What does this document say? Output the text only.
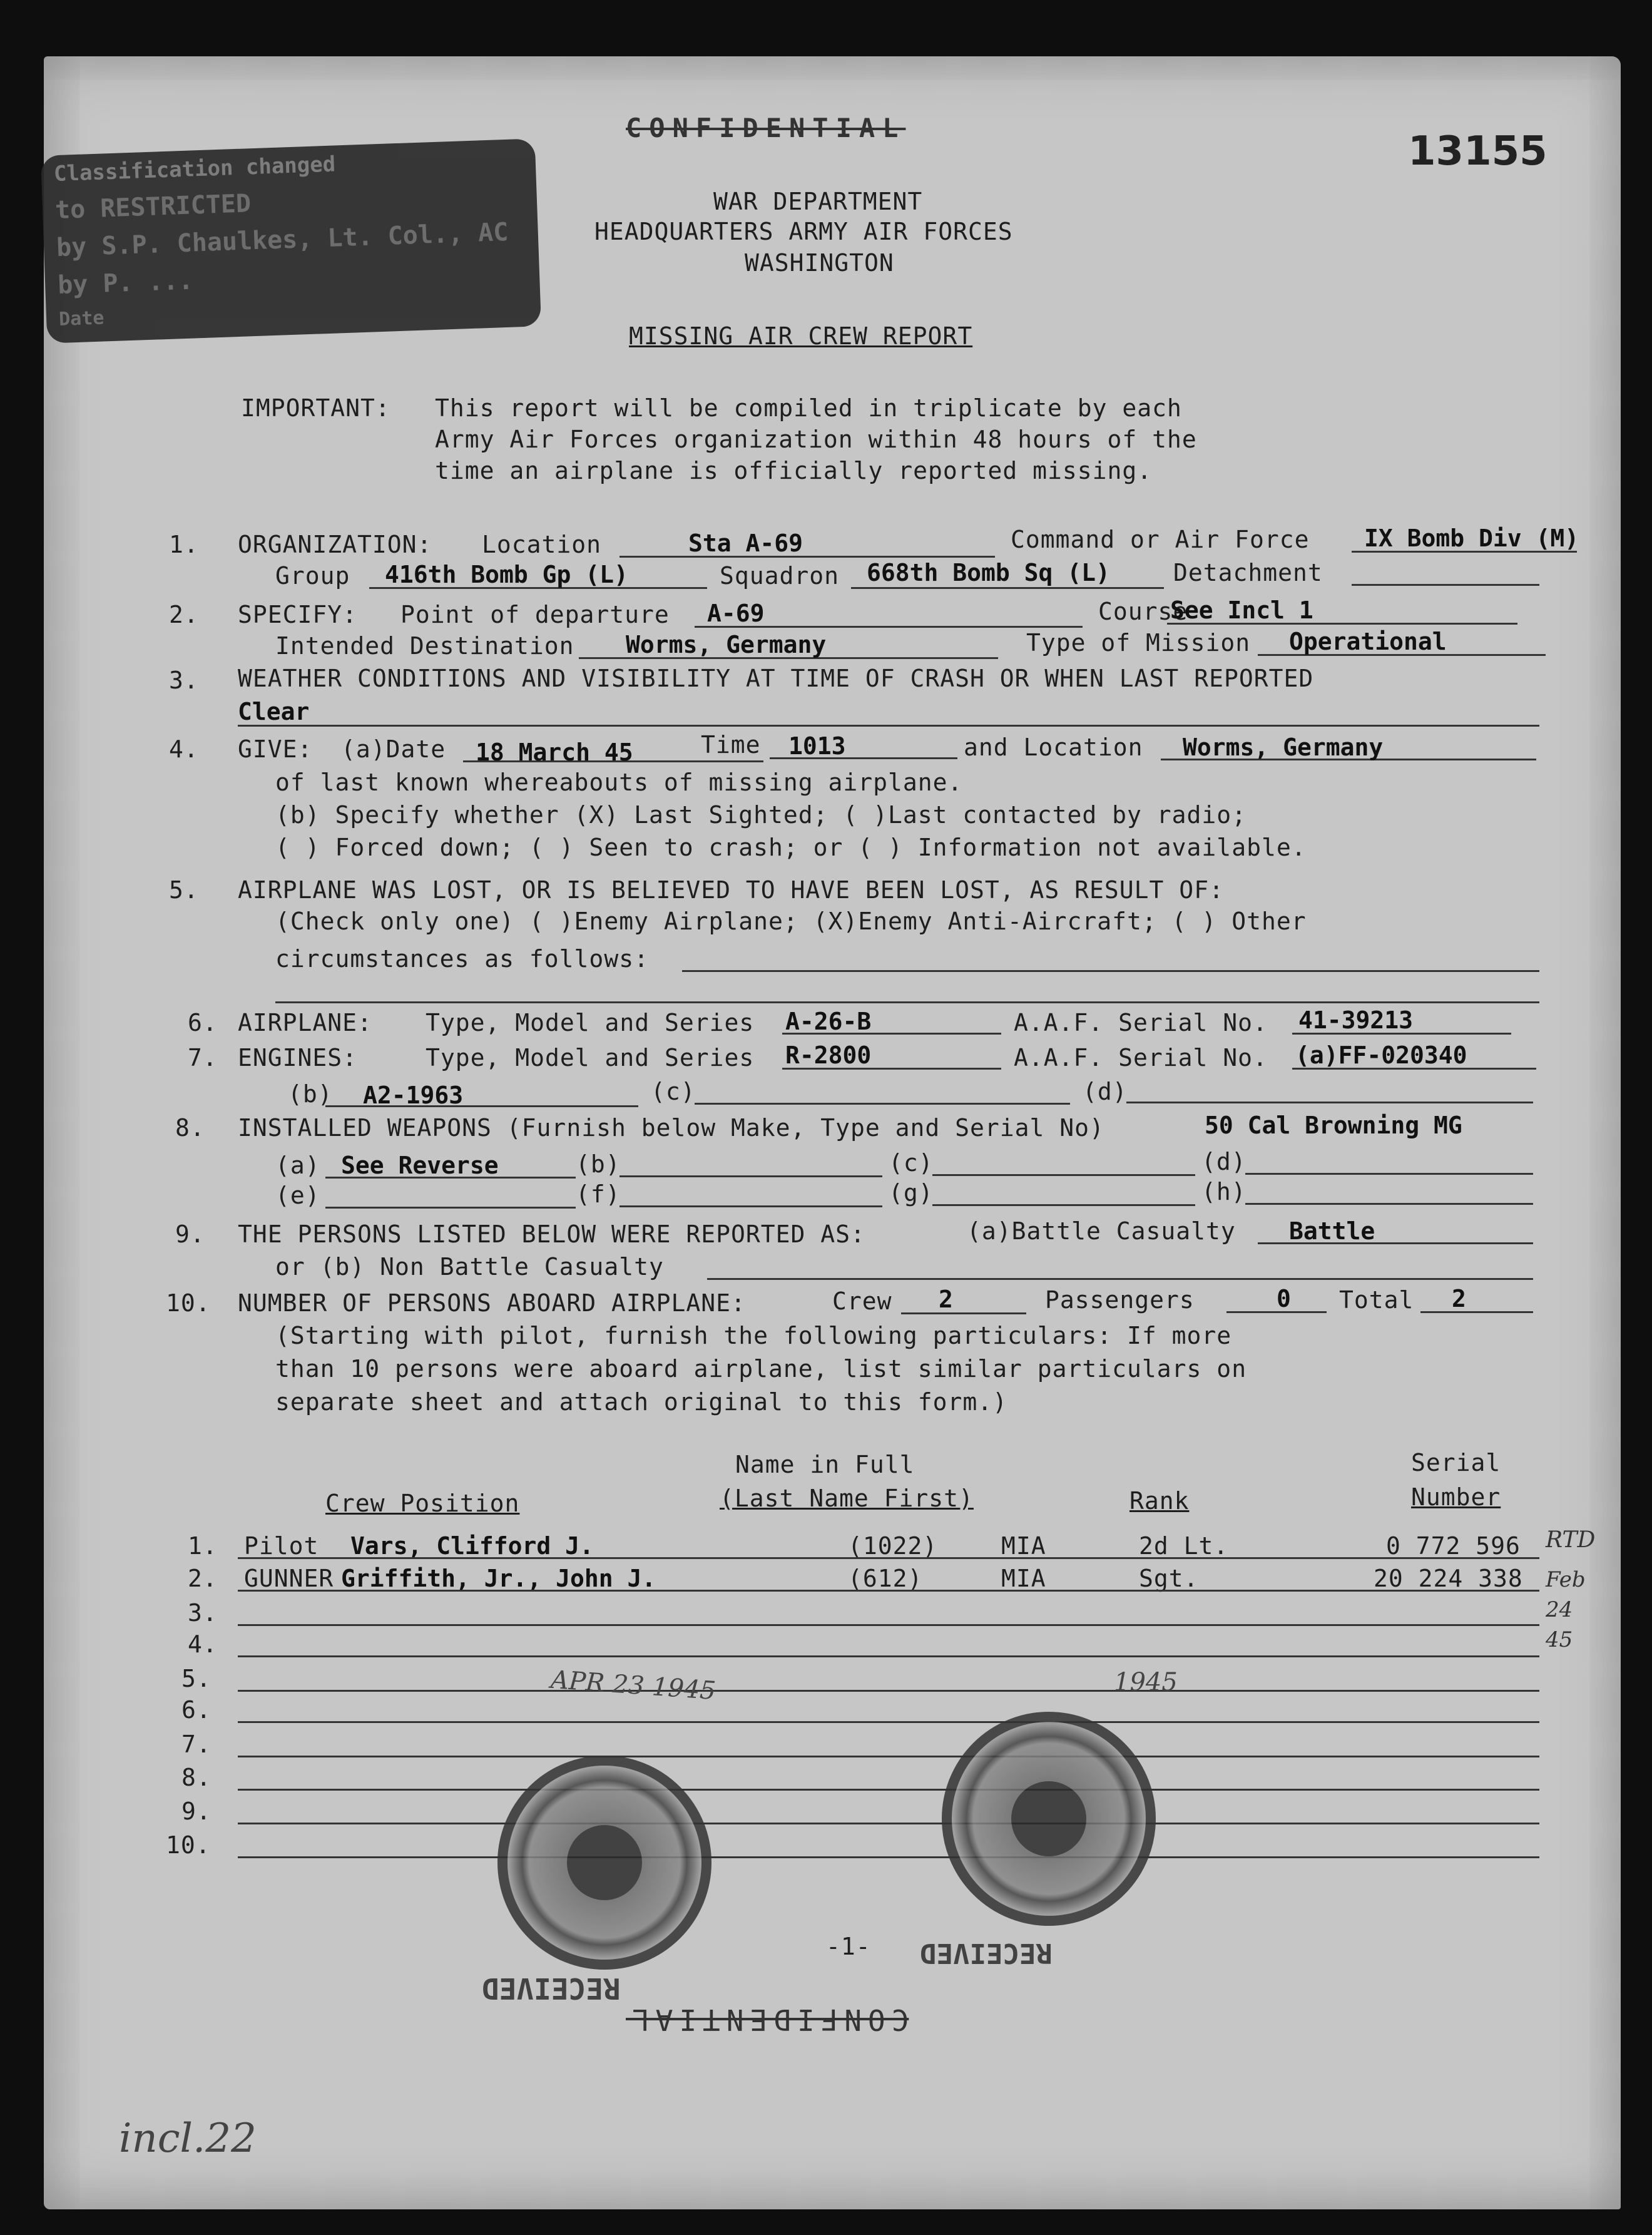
Classification changed
to RESTRICTED
by S.P. Chaulkes, Lt. Col., AC
by P. ...
Date
CONFIDENTIAL
13155
WAR DEPARTMENT
HEADQUARTERS ARMY AIR FORCES
WASHINGTON
MISSING AIR CREW REPORT
IMPORTANT: This report will be compiled in triplicate by each
Army Air Forces organization within 48 hours of the
time an airplane is officially reported missing.
1. ORGANIZATION: Location	Sta A-69	Command or Air Force IX Bomb Div (M)
Group 416th Bomb Gp (L)	Squadron 668th Bomb Sq (L)	Detachment
2. SPECIFY: Point of departure A-69	Course
See Incl 1
Intended Destination Worms, Germany	Type of Mission Operational
3. WEATHER CONDITIONS AND VISIBILITY AT TIME OF CRASH OR WHEN LAST REPORTED
Clear
4. GIVE: (a)Date 18 March 45	Time 1013	and Location Worms, Germany
of last known whereabouts of missing airplane.
(b) Specify whether (X) Last Sighted; ( )Last contacted by radio;
( ) Forced down; ( ) Seen to crash; or ( ) Information not available.
5. AIRPLANE WAS LOST, OR IS BELIEVED TO HAVE BEEN LOST, AS RESULT OF:
(Check only one) ( )Enemy Airplane; (X)Enemy Anti-Aircraft; ( ) Other
circumstances as follows:
6. AIRPLANE: Type, Model and Series A-26-B	A.A.F. Serial No. 41-39213
7. ENGINES:	Type, Model and Series R-2800	A.A.F. Serial No. (a)FF-020340
(b) A2-1963	(c)	(d)
8. INSTALLED WEAPONS (Furnish below Make, Type and Serial No)	50 Cal Browning MG
(a) See Reverse	(b)	(c)	(d)
(e)	(f)	(g)	(h)
9. THE PERSONS LISTED BELOW WERE REPORTED AS:	(a)Battle Casualty Battle
or (b) Non Battle Casualty
10. NUMBER OF PERSONS ABOARD AIRPLANE:	Crew 2	Passengers	0 Total 2
(Starting with pilot, furnish the following particulars: If more
than 10 persons were aboard airplane, list similar particulars on
separate sheet and attach original to this form.)
Name in Full
(Last Name First)
Crew Position	Rank
Serial
Number
1. Pilot Vars, Clifford J.	(1022)	MIA	2d Lt.	0 772 596 RTD
2. GUNNER Griffith, Jr., John J.	(612)	MIA	Sgt.	20 224 338 Feb 24 45
3.
4.
5.
6.
7.
8.
9.
10.
APR 23 1945	1945
-1- RECEIVED
RECEIVED
CONFIDENTIAL
incl.22
